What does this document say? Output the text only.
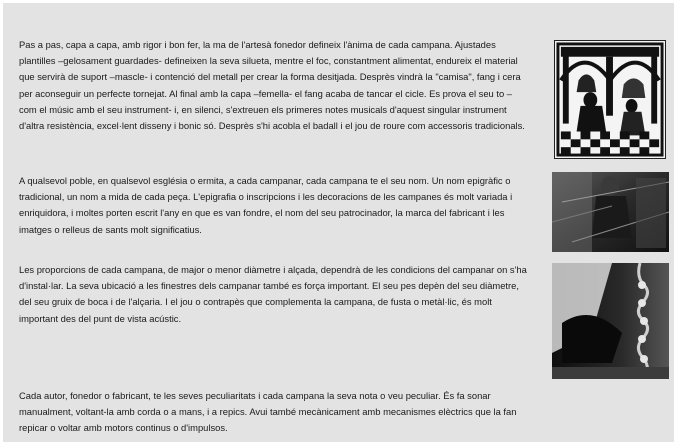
Pas a pas, capa a capa, amb rigor i bon fer, la ma de l'artesà fonedor defineix l'ànima de cada campana. Ajustades plantilles –gelosament guardades- defineixen la seva silueta, mentre el foc, constantment alimentat, endureix el material que servirà de suport –mascle- i contenció del metall per crear la forma desitjada. Desprès vindrà la "camisa", fang i cera per aconseguir un perfecte tornejat. Al final amb la capa –femella- el fang acaba de tancar el cicle. Es prova el seu to – com el músic amb el seu instrument- i, en silenci, s'extreuen els primeres notes musicals d'aquest singular instrument d'altra resistència, excel·lent disseny i bonic só. Desprès s'hi acobla el badall i el jou de roure com accessoris tradicionals.

A qualsevol poble, en qualsevol església o ermita, a cada campanar, cada campana te el seu nom. Un nom epigràfic o tradicional, un nom a mida de cada peça. L'epigrafia o inscripcions i les decoracions de les campanes és molt variada i enriquidora, i moltes porten escrit l'any en que es van fondre, el nom del seu patrocinador, la marca del fabricant i les imatges o relleus de sants molt significatius.

Les proporcions de cada campana, de major o menor diàmetre i alçada, dependrà de les condicions del campanar on s'ha d'instal·lar. La seva ubicació a les finestres dels campanar també es força important. El seu pes depèn del seu diàmetre, del seu gruix de boca i de l'alçaria. I el jou o contrapès que complementa la campana, de fusta o metàl·lic, és molt important des del punt de vista acústic.

Cada autor, fonedor o fabricant, te les seves peculiaritats i cada campana la seva nota o veu peculiar. És fa sonar manualment, voltant-la amb corda o a mans, i a repics. Avui també mecànicament amb mecanismes elèctrics que la fan repicar o voltar amb motors continus o d'impulsos.
